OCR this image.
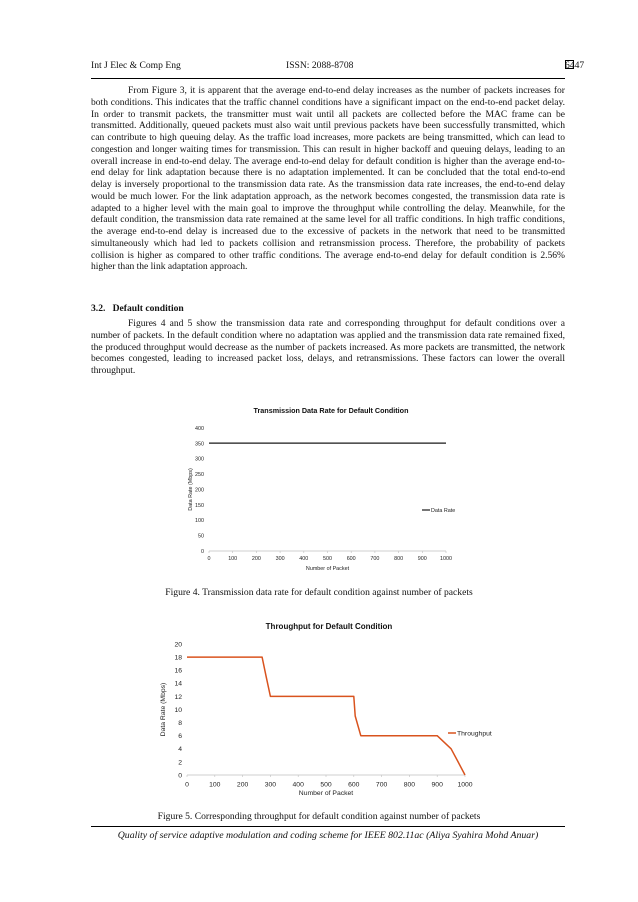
Int J Elec & Comp Eng	ISSN: 2088-8708	6447
From Figure 3, it is apparent that the average end-to-end delay increases as the number of packets increases for both conditions. This indicates that the traffic channel conditions have a significant impact on the end-to-end packet delay. In order to transmit packets, the transmitter must wait until all packets are collected before the MAC frame can be transmitted. Additionally, queued packets must also wait until previous packets have been successfully transmitted, which can contribute to high queuing delay. As the traffic load increases, more packets are being transmitted, which can lead to congestion and longer waiting times for transmission. This can result in higher backoff and queuing delays, leading to an overall increase in end-to-end delay. The average end-to-end delay for default condition is higher than the average end-to-end delay for link adaptation because there is no adaptation implemented. It can be concluded that the total end-to-end delay is inversely proportional to the transmission data rate. As the transmission data rate increases, the end-to-end delay would be much lower. For the link adaptation approach, as the network becomes congested, the transmission data rate is adapted to a higher level with the main goal to improve the throughput while controlling the delay. Meanwhile, for the default condition, the transmission data rate remained at the same level for all traffic conditions. In high traffic conditions, the average end-to-end delay is increased due to the excessive of packets in the network that need to be transmitted simultaneously which had led to packets collision and retransmission process. Therefore, the probability of packets collision is higher as compared to other traffic conditions. The average end-to-end delay for default condition is 2.56% higher than the link adaptation approach.
3.2. Default condition
Figures 4 and 5 show the transmission data rate and corresponding throughput for default conditions over a number of packets. In the default condition where no adaptation was applied and the transmission data rate remained fixed, the produced throughput would decrease as the number of packets increased. As more packets are transmitted, the network becomes congested, leading to increased packet loss, delays, and retransmissions. These factors can lower the overall throughput.
Transmission Data Rate for Default Condition
0
50
100
150
200
250
300
350
400
0	100	200	300	400	500	600	700	800	900 1000
Number of Packet
Data Rate (Mbps)
Data Rate
Throughput for Default Condition
0
2
4
6
8
10
12
14
16
18
20
0	100 200 300 400 500 600 700 800 900 1000
Number of Packet
Data Rate (Mbps)	Throughput
Figure 4. Transmission data rate for default condition against number of packets
Figure 5. Corresponding throughput for default condition against number of packets
Quality of service adaptive modulation and coding scheme for IEEE 802.11ac (Aliya Syahira Mohd Anuar)
